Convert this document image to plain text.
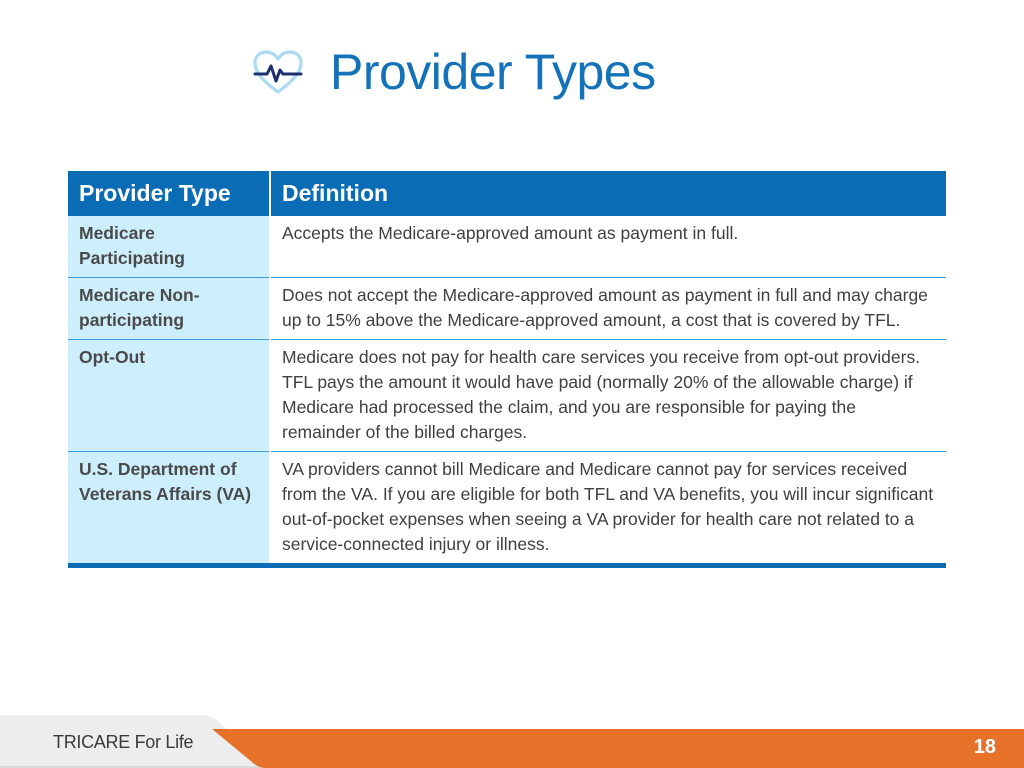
Provider Types
Provider Type	Definition
Medicare Participating	Accepts the Medicare-approved amount as payment in full.
Medicare Non-participating	Does not accept the Medicare-approved amount as payment in full and may charge up to 15% above the Medicare-approved amount, a cost that is covered by TFL.
Opt-Out	Medicare does not pay for health care services you receive from opt-out providers. TFL pays the amount it would have paid (normally 20% of the allowable charge) if Medicare had processed the claim, and you are responsible for paying the remainder of the billed charges.
U.S. Department of Veterans Affairs (VA)	VA providers cannot bill Medicare and Medicare cannot pay for services received from the VA. If you are eligible for both TFL and VA benefits, you will incur significant out-of-pocket expenses when seeing a VA provider for health care not related to a service-connected injury or illness.
TRICARE For Life	18
